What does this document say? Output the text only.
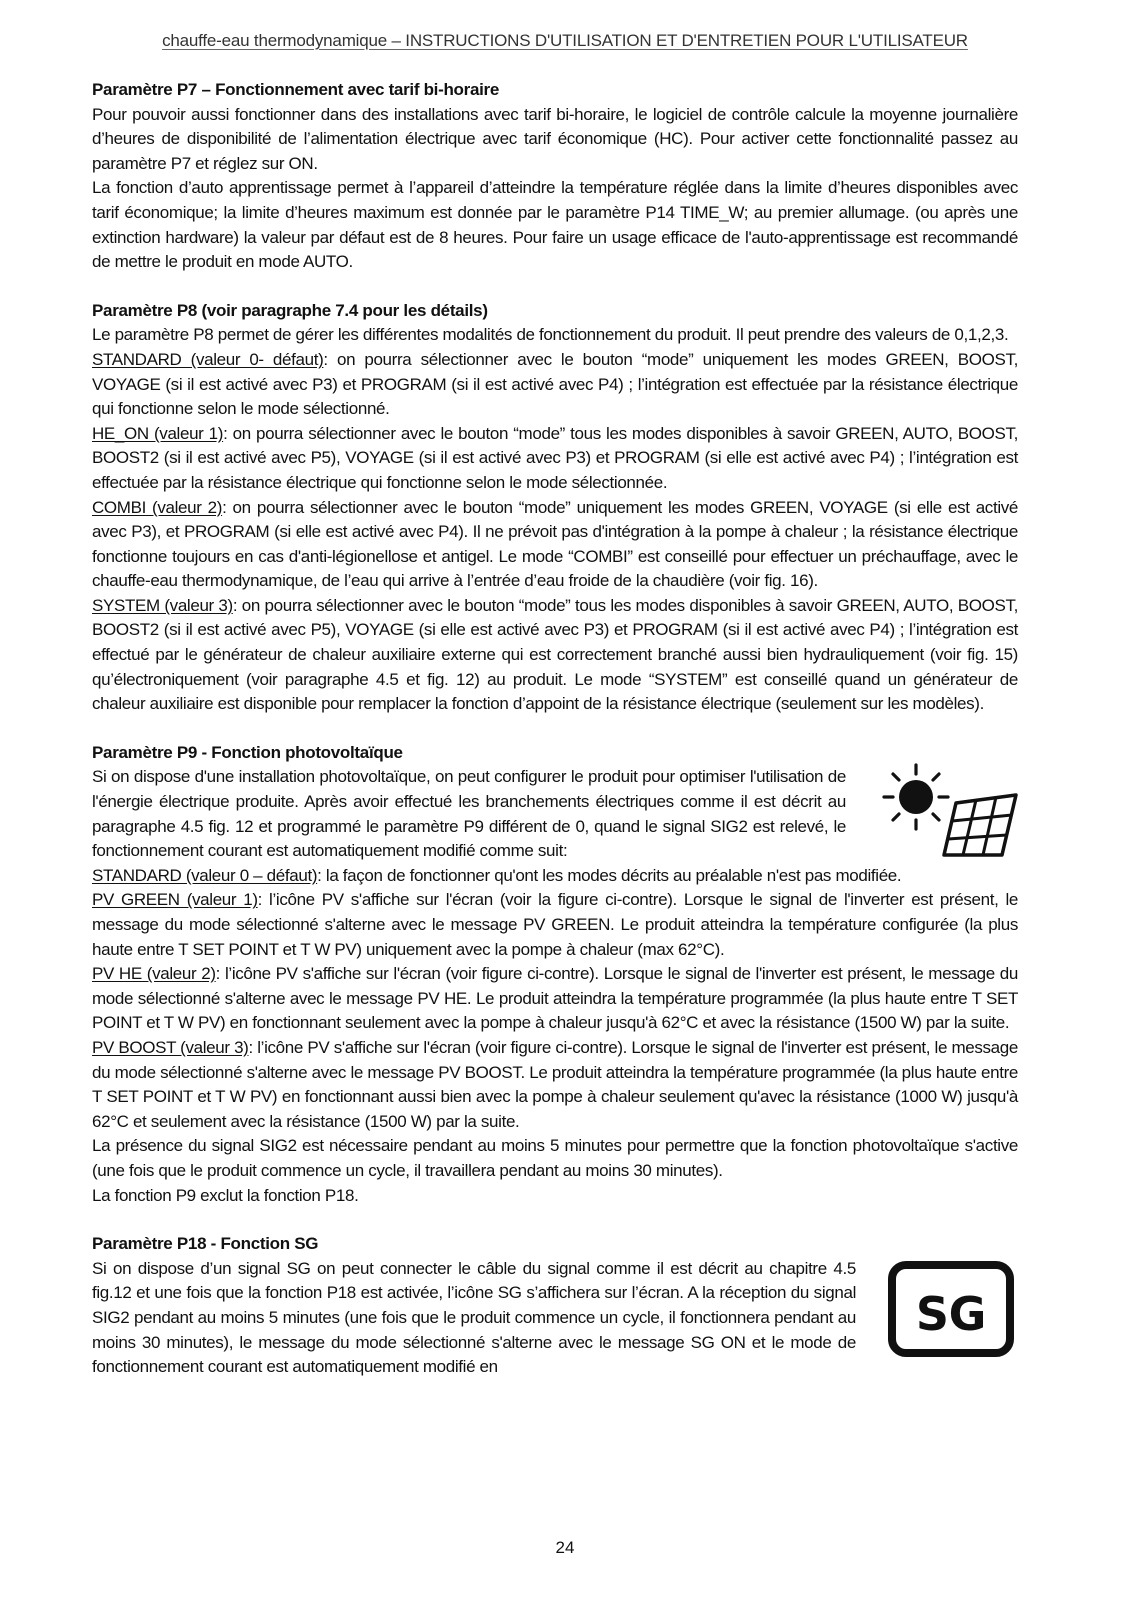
chauffe-eau thermodynamique – INSTRUCTIONS D'UTILISATION ET D'ENTRETIEN POUR L'UTILISATEUR
Paramètre P7 – Fonctionnement avec tarif bi-horaire

Pour pouvoir aussi fonctionner dans des installations avec tarif bi-horaire, le logiciel de contrôle calcule la moyenne journalière d’heures de disponibilité de l’alimentation électrique avec tarif économique (HC). Pour activer cette fonctionnalité passez au paramètre P7 et réglez sur ON.

La fonction d’auto apprentissage permet à l’appareil d’atteindre la température réglée dans la limite d’heures disponibles avec tarif économique; la limite d’heures maximum est donnée par le paramètre P14 TIME_W; au premier allumage. (ou après une extinction hardware) la valeur par défaut est de 8 heures. Pour faire un usage efficace de l'auto-apprentissage est recommandé de mettre le produit en mode AUTO.

Paramètre P8 (voir paragraphe 7.4 pour les détails)

Le paramètre P8 permet de gérer les différentes modalités de fonctionnement du produit. Il peut prendre des valeurs de 0,1,2,3.

STANDARD (valeur 0- défaut): on pourra sélectionner avec le bouton “mode” uniquement les modes GREEN, BOOST, VOYAGE (si il est activé avec P3) et PROGRAM (si il est activé avec P4) ; l’intégration est effectuée par la résistance électrique qui fonctionne selon le mode sélectionné.

HE_ON (valeur 1): on pourra sélectionner avec le bouton “mode” tous les modes disponibles à savoir GREEN, AUTO, BOOST, BOOST2 (si il est activé avec P5), VOYAGE (si il est activé avec P3) et PROGRAM (si elle est activé avec P4) ; l’intégration est effectuée par la résistance électrique qui fonctionne selon le mode sélectionnée.

COMBI (valeur 2): on pourra sélectionner avec le bouton “mode” uniquement les modes GREEN, VOYAGE (si elle est activé avec P3), et PROGRAM (si elle est activé avec P4). Il ne prévoit pas d'intégration à la pompe à chaleur ; la résistance électrique fonctionne toujours en cas d'anti-légionellose et antigel. Le mode “COMBI” est conseillé pour effectuer un préchauffage, avec le chauffe-eau thermodynamique, de l’eau qui arrive à l’entrée d’eau froide de la chaudière (voir fig. 16).

SYSTEM (valeur 3): on pourra sélectionner avec le bouton “mode” tous les modes disponibles à savoir GREEN, AUTO, BOOST, BOOST2 (si il est activé avec P5), VOYAGE (si elle est activé avec P3) et PROGRAM (si il est activé avec P4) ; l’intégration est effectué par le générateur de chaleur auxiliaire externe qui est correctement branché aussi bien hydrauliquement (voir fig. 15) qu’électroniquement (voir paragraphe 4.5 et fig. 12) au produit. Le mode “SYSTEM” est conseillé quand un générateur de chaleur auxiliaire est disponible pour remplacer la fonction d’appoint de la résistance électrique (seulement sur les modèles).

Paramètre P9 - Fonction photovoltaïque

Si on dispose d'une installation photovoltaïque, on peut configurer le produit pour optimiser l'utilisation de l'énergie électrique produite. Après avoir effectué les branchements électriques comme il est décrit au paragraphe 4.5 fig. 12 et programmé le paramètre P9 différent de 0, quand le signal SIG2 est relevé, le fonctionnement courant est automatiquement modifié comme suit:

STANDARD (valeur 0 – défaut): la façon de fonctionner qu'ont les modes décrits au préalable n'est pas modifiée.

PV GREEN (valeur 1): l’icône PV s'affiche sur l'écran (voir la figure ci-contre). Lorsque le signal de l'inverter est présent, le message du mode sélectionné s'alterne avec le message PV GREEN. Le produit atteindra la température configurée (la plus haute entre T SET POINT et T W PV) uniquement avec la pompe à chaleur (max 62°C).

PV HE (valeur 2): l’icône PV s'affiche sur l'écran (voir figure ci-contre). Lorsque le signal de l'inverter est présent, le message du mode sélectionné s'alterne avec le message PV HE. Le produit atteindra la température programmée (la plus haute entre T SET POINT et T W PV) en fonctionnant seulement avec la pompe à chaleur jusqu'à 62°C et avec la résistance (1500 W) par la suite.

PV BOOST (valeur 3): l’icône PV s'affiche sur l'écran (voir figure ci-contre). Lorsque le signal de l'inverter est présent, le message du mode sélectionné s'alterne avec le message PV BOOST. Le produit atteindra la température programmée (la plus haute entre T SET POINT et T W PV) en fonctionnant aussi bien avec la pompe à chaleur seulement qu'avec la résistance (1000 W) jusqu'à 62°C et seulement avec la résistance (1500 W) par la suite.

La présence du signal SIG2 est nécessaire pendant au moins 5 minutes pour permettre que la fonction photovoltaïque s'active (une fois que le produit commence un cycle, il travaillera pendant au moins 30 minutes).

La fonction P9 exclut la fonction P18.

Paramètre P18 - Fonction SG

Si on dispose d’un signal SG on peut connecter le câble du signal comme il est décrit au chapitre 4.5 fig.12 et une fois que la fonction P18 est activée, l’icône SG s’affichera sur l’écran. A la réception du signal SIG2 pendant au moins 5 minutes (une fois que le produit commence un cycle, il fonctionnera pendant au moins 30 minutes), le message du mode sélectionné s'alterne avec le message SG ON et le mode de fonctionnement courant est automatiquement modifié en

SG
24
